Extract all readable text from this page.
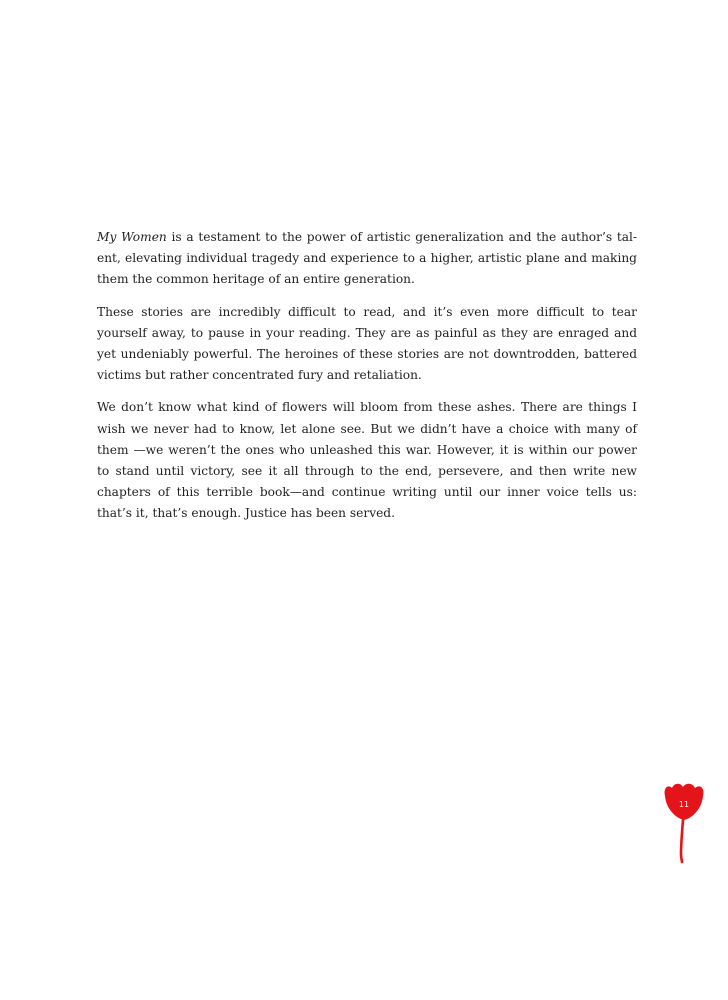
My Women is a testament to the power of artistic generalization and the author’s talent, elevating individual tragedy and experience to a higher, artistic plane and making them the common heritage of an entire generation.

These stories are incredibly difficult to read, and it’s even more difficult to tear yourself away, to pause in your reading. They are as painful as they are enraged and yet undeniably powerful. The heroines of these stories are not downtrodden, battered victims but rather concentrated fury and retaliation.

We don’t know what kind of flowers will bloom from these ashes. There are things I wish we never had to know, let alone see. But we didn’t have a choice with many of them —we weren’t the ones who unleashed this war. However, it is within our power to stand until victory, see it all through to the end, persevere, and then write new chapters of this terrible book—and continue writing until our inner voice tells us: that’s it, that’s enough. Justice has been served.

11
